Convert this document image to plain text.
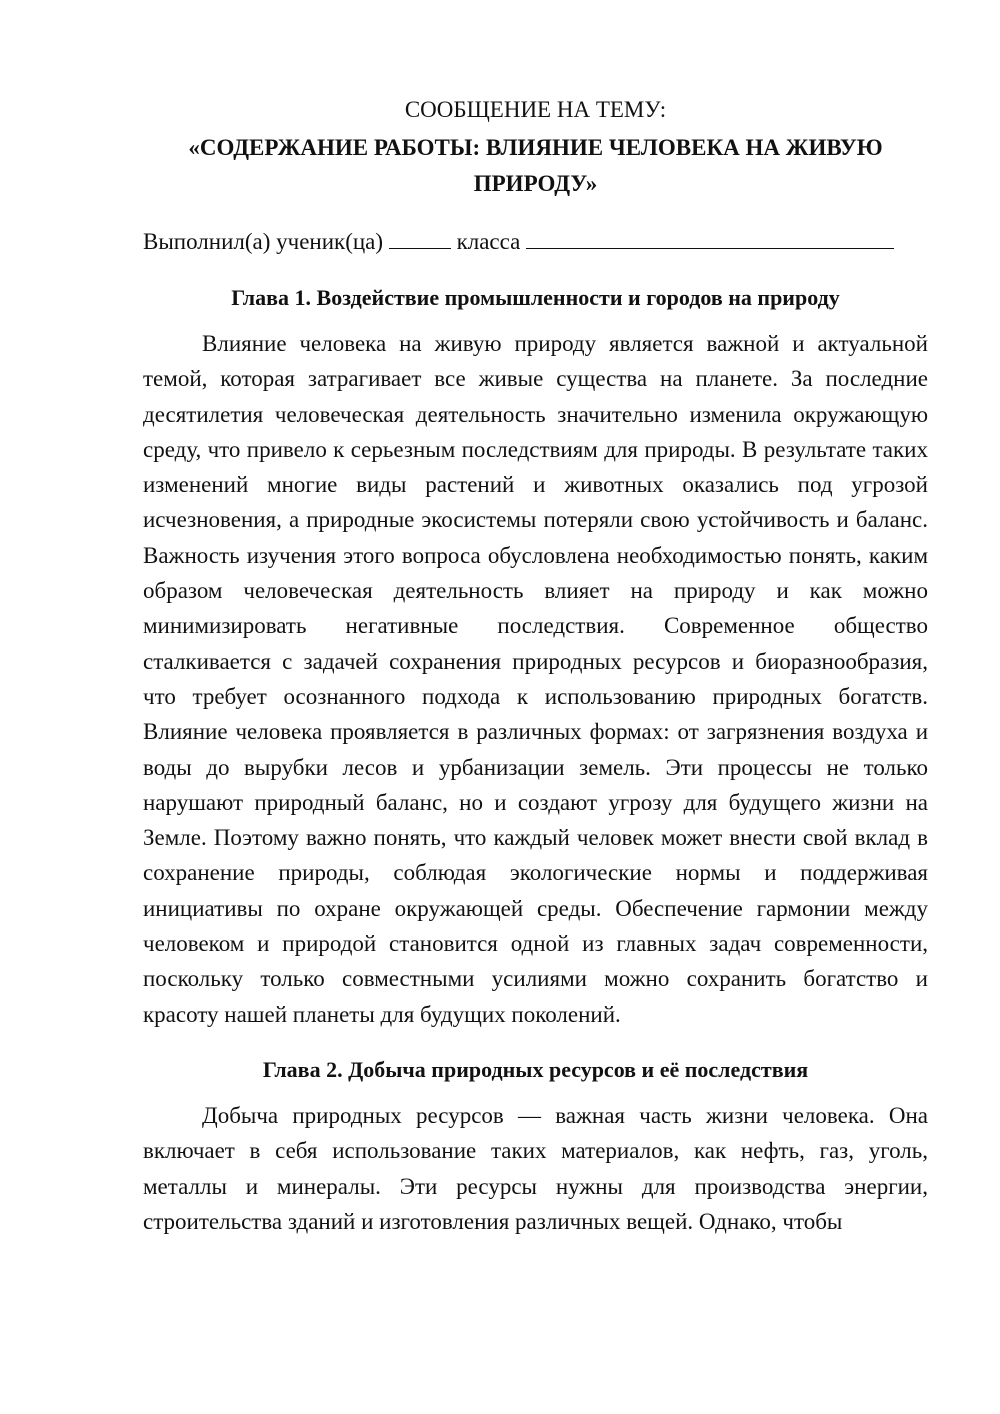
СООБЩЕНИЕ НА ТЕМУ:
«СОДЕРЖАНИЕ РАБОТЫ: ВЛИЯНИЕ ЧЕЛОВЕКА НА ЖИВУЮ ПРИРОДУ»

Выполнил(а) ученик(ца)	класса

Глава 1. Воздействие промышленности и городов на природу

Влияние человека на живую природу является важной и актуальной темой, которая затрагивает все живые существа на планете. За последние десятилетия человеческая деятельность значительно изменила окружающую среду, что привело к серьезным последствиям для природы. В результате таких изменений многие виды растений и животных оказались под угрозой исчезновения, а природные экосистемы потеряли свою устойчивость и баланс. Важность изучения этого вопроса обусловлена необходимостью понять, каким образом человеческая деятельность влияет на природу и как можно минимизировать негативные последствия. Современное общество сталкивается с задачей сохранения природных ресурсов и биоразнообразия, что требует осознанного подхода к использованию природных богатств. Влияние человека проявляется в различных формах: от загрязнения воздуха и воды до вырубки лесов и урбанизации земель. Эти процессы не только нарушают природный баланс, но и создают угрозу для будущего жизни на Земле. Поэтому важно понять, что каждый человек может внести свой вклад в сохранение природы, соблюдая экологические нормы и поддерживая инициативы по охране окружающей среды. Обеспечение гармонии между человеком и природой становится одной из главных задач современности, поскольку только совместными усилиями можно сохранить богатство и красоту нашей планеты для будущих поколений.

Глава 2. Добыча природных ресурсов и её последствия

Добыча природных ресурсов — важная часть жизни человека. Она включает в себя использование таких материалов, как нефть, газ, уголь, металлы и минералы. Эти ресурсы нужны для производства энергии, строительства зданий и изготовления различных вещей. Однако, чтобы
